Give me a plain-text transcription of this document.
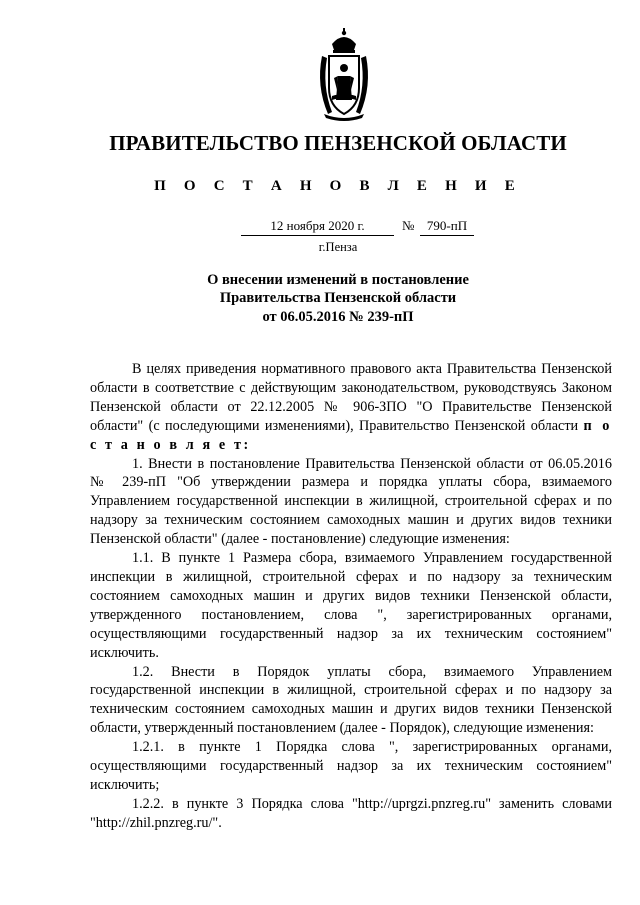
ПРАВИТЕЛЬСТВО ПЕНЗЕНСКОЙ ОБЛАСТИ
П О С Т А Н О В Л Е Н И Е
12 ноября 2020 г.	№ 790-пП
г.Пенза
О внесении изменений в постановление
Правительства Пензенской области
от 06.05.2016 № 239-пП

В целях приведения нормативного правового акта Правительства Пензенской области в соответствие с действующим законодательством, руководствуясь Законом Пензенской области от 22.12.2005 № 906-ЗПО "О Правительстве Пензенской области" (с последующими изменениями), Правительство Пензенской области п о с т а н о в л я е т:

1. Внести в постановление Правительства Пензенской области от 06.05.2016 № 239-пП "Об утверждении размера и порядка уплаты сбора, взимаемого Управлением государственной инспекции в жилищной, строительной сферах и по надзору за техническим состоянием самоходных машин и других видов техники Пензенской области" (далее - постановление) следующие изменения:

1.1. В пункте 1 Размера сбора, взимаемого Управлением государственной инспекции в жилищной, строительной сферах и по надзору за техническим состоянием самоходных машин и других видов техники Пензенской области, утвержденного постановлением, слова ", зарегистрированных органами, осуществляющими государственный надзор за их техническим состоянием" исключить.

1.2. Внести в Порядок уплаты сбора, взимаемого Управлением государственной инспекции в жилищной, строительной сферах и по надзору за техническим состоянием самоходных машин и других видов техники Пензенской области, утвержденный постановлением (далее - Порядок), следующие изменения:

1.2.1. в пункте 1 Порядка слова ", зарегистрированных органами, осуществляющими государственный надзор за их техническим состоянием" исключить;

1.2.2. в пункте 3 Порядка слова "http://uprgzi.pnzreg.ru" заменить словами "http://zhil.pnzreg.ru/".
